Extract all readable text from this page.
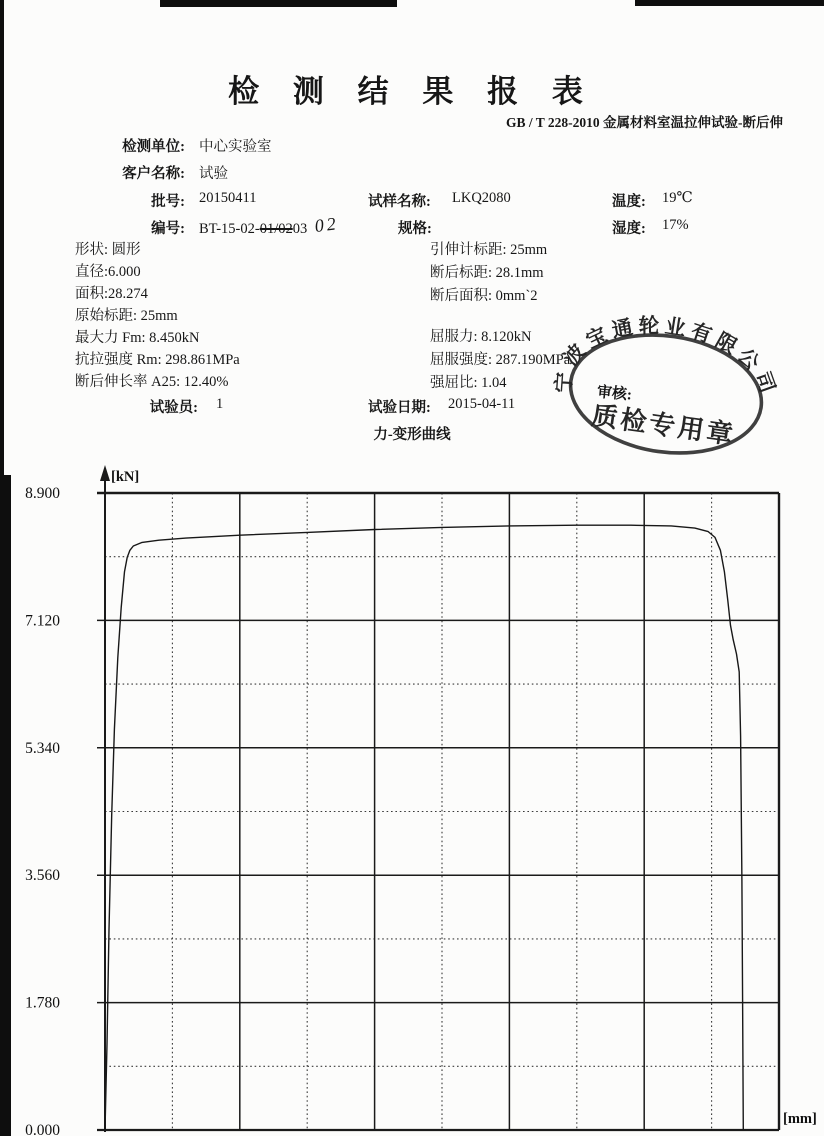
检 测 结 果 报 表
GB / T 228-2010 金属材料室温拉伸试验-断后伸
检测单位: 中心实验室
客户名称: 试验
批号: 20150411	试样名称: LKQ2080	温度: 19℃
编号: BT-15-02-01/0203 02	规格:	湿度: 17%
形状: 圆形
直径:6.000
面积:28.274
原始标距: 25mm
最大力 Fm: 8.450kN
抗拉强度 Rm: 298.861MPa
断后伸长率 A25: 12.40%
引伸计标距: 25mm
断后标距: 28.1mm
断后面积: 0mm`2
屈服力: 8.120kN
屈服强度: 287.190MPa
强屈比: 1.04
试验员: 1	试验日期: 2015-04-11
审核:
力-变形曲线
宁波宝通轮业有限公司
质检专用章
8.900
7.120
5.340
3.560
1.780
0.000
[kN]
[mm]
